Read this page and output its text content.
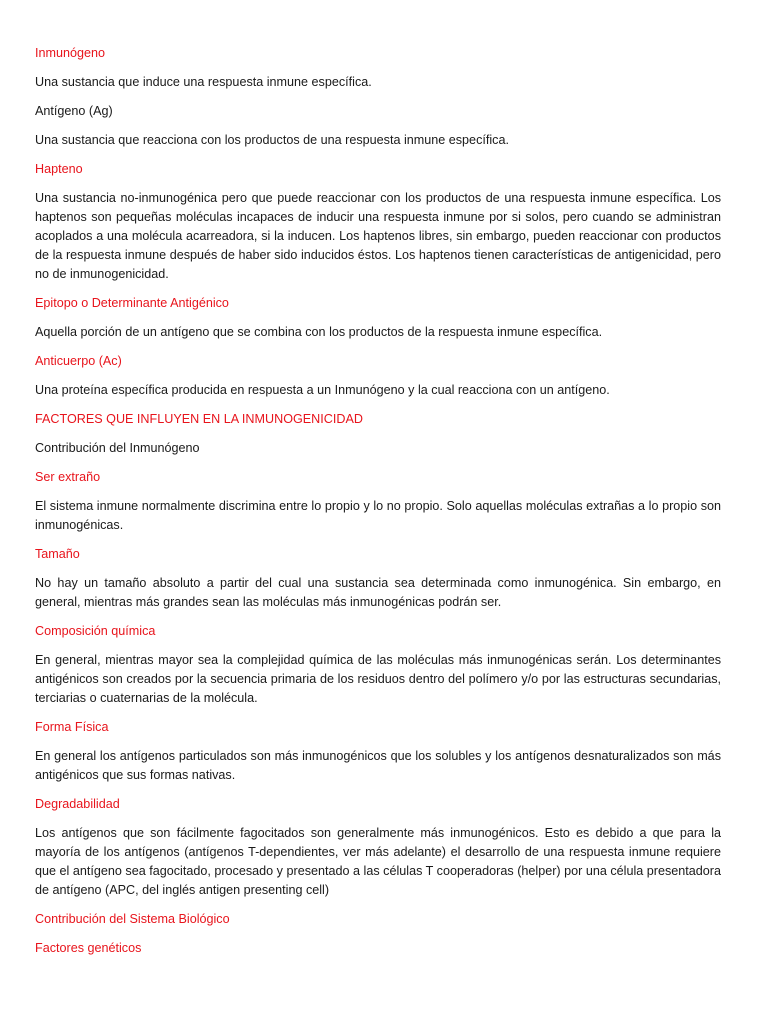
Inmunógeno
Una sustancia que induce una respuesta inmune específica.
Antígeno (Ag)
Una sustancia que reacciona con los productos de una respuesta inmune específica.
Hapteno
Una sustancia no-inmunogénica pero que puede reaccionar con los productos de una respuesta inmune específica. Los haptenos son pequeñas moléculas incapaces de inducir una respuesta inmune por si solos, pero cuando se administran acoplados a una molécula acarreadora, si la inducen. Los haptenos libres, sin embargo, pueden reaccionar con productos de la respuesta inmune después de haber sido inducidos éstos. Los haptenos tienen características de antigenicidad, pero no de inmunogenicidad.
Epitopo o Determinante Antigénico
Aquella porción de un antígeno que se combina con los productos de la respuesta inmune específica.
Anticuerpo (Ac)
Una proteína específica producida en respuesta a un Inmunógeno y la cual reacciona con un antígeno.
FACTORES QUE INFLUYEN EN LA INMUNOGENICIDAD
Contribución del Inmunógeno
Ser extraño
El sistema inmune normalmente discrimina entre lo propio y lo no propio. Solo aquellas moléculas extrañas a lo propio son inmunogénicas.
Tamaño
No hay un tamaño absoluto a partir del cual una sustancia sea determinada como inmunogénica. Sin embargo, en general, mientras más grandes sean las moléculas más inmunogénicas podrán ser.
Composición química
En general, mientras mayor sea la complejidad química de las moléculas más inmunogénicas serán. Los determinantes antigénicos son creados por la secuencia primaria de los residuos dentro del polímero y/o por las estructuras secundarias, terciarias o cuaternarias de la molécula.
Forma Física
En general los antígenos particulados son más inmunogénicos que los solubles y los antígenos desnaturalizados son más antigénicos que sus formas nativas.
Degradabilidad
Los antígenos que son fácilmente fagocitados son generalmente más inmunogénicos. Esto es debido a que para la mayoría de los antígenos (antígenos T-dependientes, ver más adelante) el desarrollo de una respuesta inmune requiere que el antígeno sea fagocitado, procesado y presentado a las células T cooperadoras (helper) por una célula presentadora de antígeno (APC, del inglés antigen presenting cell)
Contribución del Sistema Biológico
Factores genéticos
